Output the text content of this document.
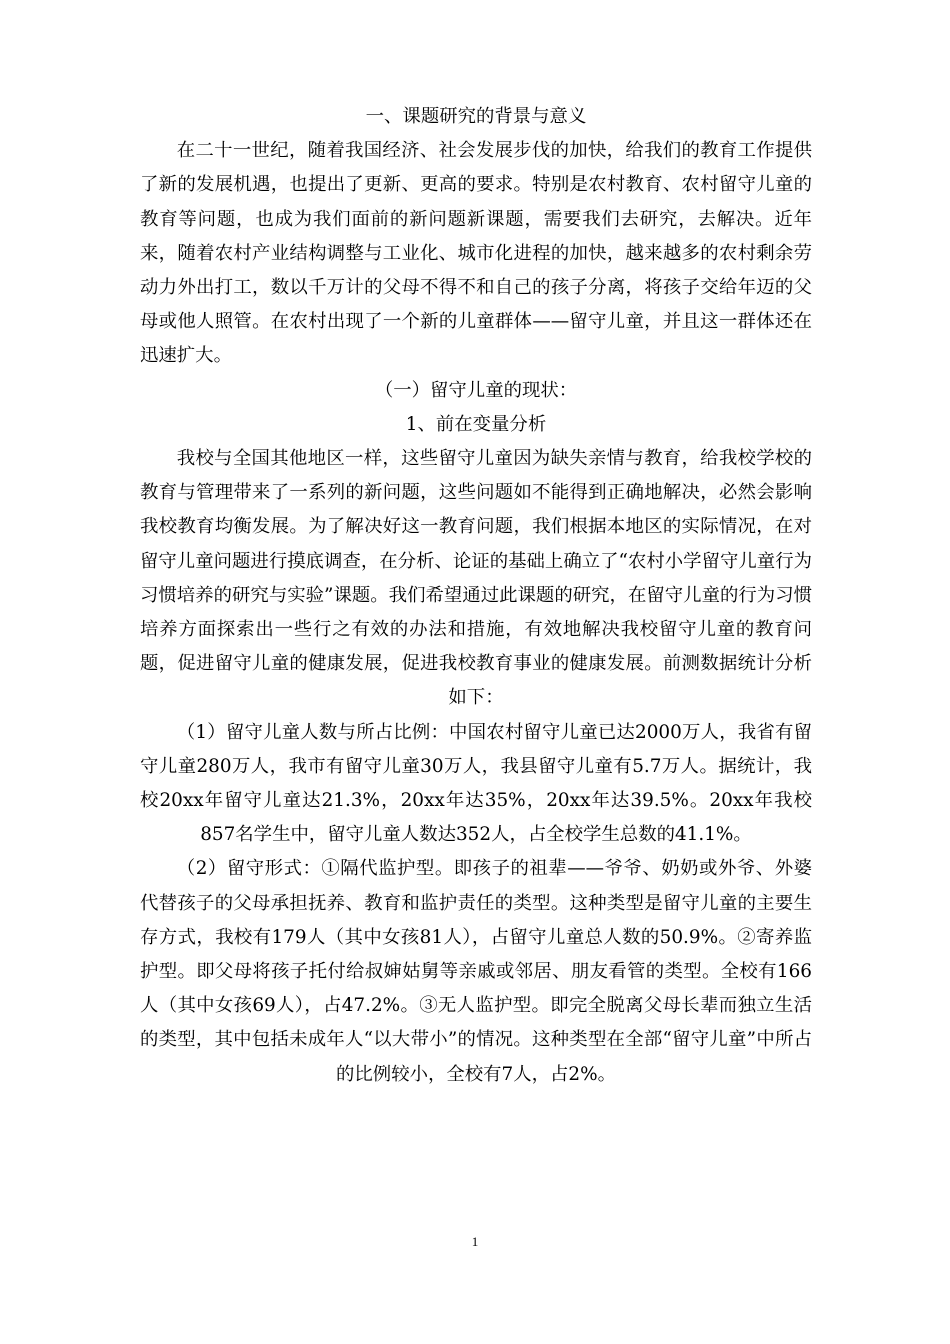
一、课题研究的背景与意义

在二十一世纪，随着我国经济、社会发展步伐的加快，给我们的教育工作提供了新的发展机遇，也提出了更新、更高的要求。特别是农村教育、农村留守儿童的教育等问题，也成为我们面前的新问题新课题，需要我们去研究，去解决。近年来，随着农村产业结构调整与工业化、城市化进程的加快，越来越多的农村剩余劳动力外出打工，数以千万计的父母不得不和自己的孩子分离，将孩子交给年迈的父母或他人照管。在农村出现了一个新的儿童群体——留守儿童，并且这一群体还在迅速扩大。

（一）留守儿童的现状：
1、前在变量分析

我校与全国其他地区一样，这些留守儿童因为缺失亲情与教育，给我校学校的教育与管理带来了一系列的新问题，这些问题如不能得到正确地解决，必然会影响我校教育均衡发展。为了解决好这一教育问题，我们根据本地区的实际情况，在对留守儿童问题进行摸底调查，在分析、论证的基础上确立了“农村小学留守儿童行为习惯培养的研究与实验”课题。我们希望通过此课题的研究，在留守儿童的行为习惯培养方面探索出一些行之有效的办法和措施，有效地解决我校留守儿童的教育问题，促进留守儿童的健康发展，促进我校教育事业的健康发展。前测数据统计分析如下：

（1）留守儿童人数与所占比例：中国农村留守儿童已达2000万人，我省有留守儿童280万人，我市有留守儿童30万人，我县留守儿童有5.7万人。据统计，我校20xx年留守儿童达21.3%，20xx年达35%，20xx年达39.5%。20xx年我校857名学生中，留守儿童人数达352人，占全校学生总数的41.1%。

（2）留守形式：①隔代监护型。即孩子的祖辈——爷爷、奶奶或外爷、外婆代替孩子的父母承担抚养、教育和监护责任的类型。这种类型是留守儿童的主要生存方式，我校有179人（其中女孩81人），占留守儿童总人数的50.9%。②寄养监护型。即父母将孩子托付给叔婶姑舅等亲戚或邻居、朋友看管的类型。全校有166人（其中女孩69人），占47.2%。③无人监护型。即完全脱离父母长辈而独立生活的类型，其中包括未成年人“以大带小”的情况。这种类型在全部“留守儿童”中所占的比例较小，全校有7人，占2%。

1
